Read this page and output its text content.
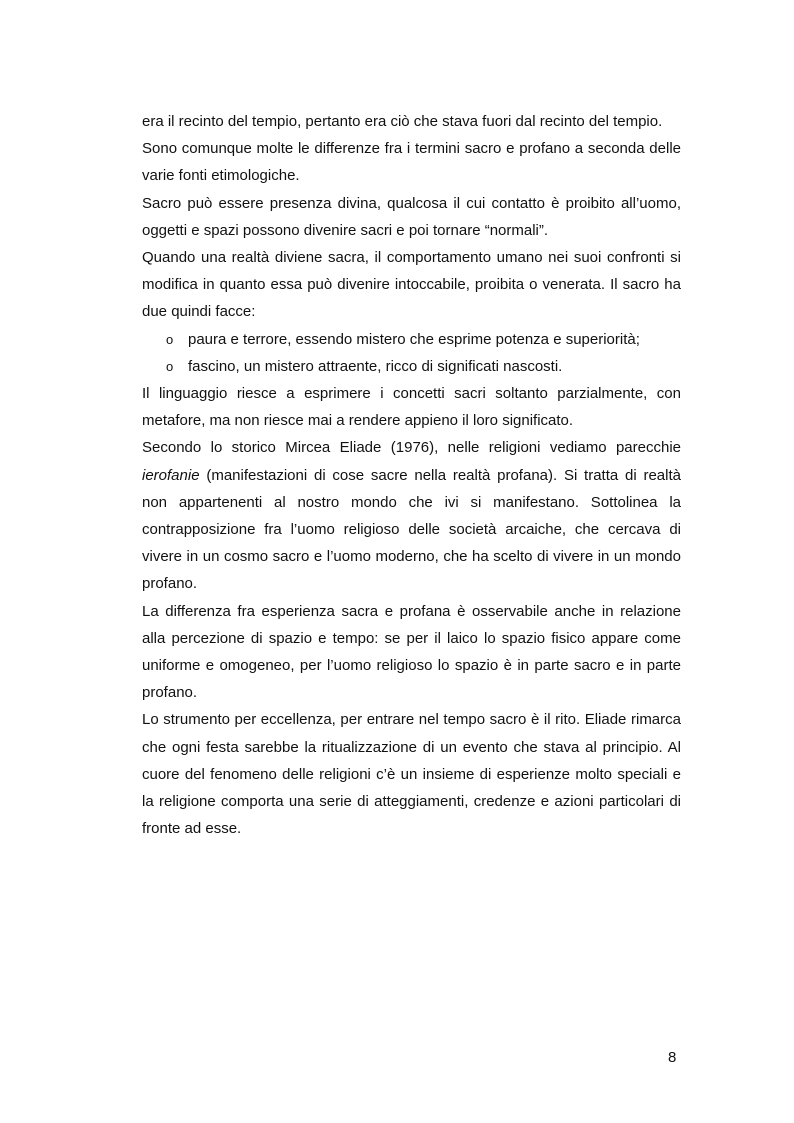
era il recinto del tempio, pertanto era ciò che stava fuori dal recinto del tempio.

Sono comunque molte le differenze fra i termini sacro e profano a seconda delle varie fonti etimologiche.

Sacro può essere presenza divina, qualcosa il cui contatto è proibito all’uomo, oggetti e spazi possono divenire sacri e poi tornare “normali”.

Quando una realtà diviene sacra, il comportamento umano nei suoi confronti si modifica in quanto essa può divenire intoccabile, proibita o venerata. Il sacro ha due quindi facce:

o paura e terrore, essendo mistero che esprime potenza e superiorità;
o fascino, un mistero attraente, ricco di significati nascosti.

Il linguaggio riesce a esprimere i concetti sacri soltanto parzialmente, con metafore, ma non riesce mai a rendere appieno il loro significato.

Secondo lo storico Mircea Eliade (1976), nelle religioni vediamo parecchie ierofanie (manifestazioni di cose sacre nella realtà profana). Si tratta di realtà non appartenenti al nostro mondo che ivi si manifestano. Sottolinea la contrapposizione fra l’uomo religioso delle società arcaiche, che cercava di vivere in un cosmo sacro e l’uomo moderno, che ha scelto di vivere in un mondo profano.

La differenza fra esperienza sacra e profana è osservabile anche in relazione alla percezione di spazio e tempo: se per il laico lo spazio fisico appare come uniforme e omogeneo, per l’uomo religioso lo spazio è in parte sacro e in parte profano.

Lo strumento per eccellenza, per entrare nel tempo sacro è il rito. Eliade rimarca che ogni festa sarebbe la ritualizzazione di un evento che stava al principio. Al cuore del fenomeno delle religioni c’è un insieme di esperienze molto speciali e la religione comporta una serie di atteggiamenti, credenze e azioni particolari di fronte ad esse.

8
